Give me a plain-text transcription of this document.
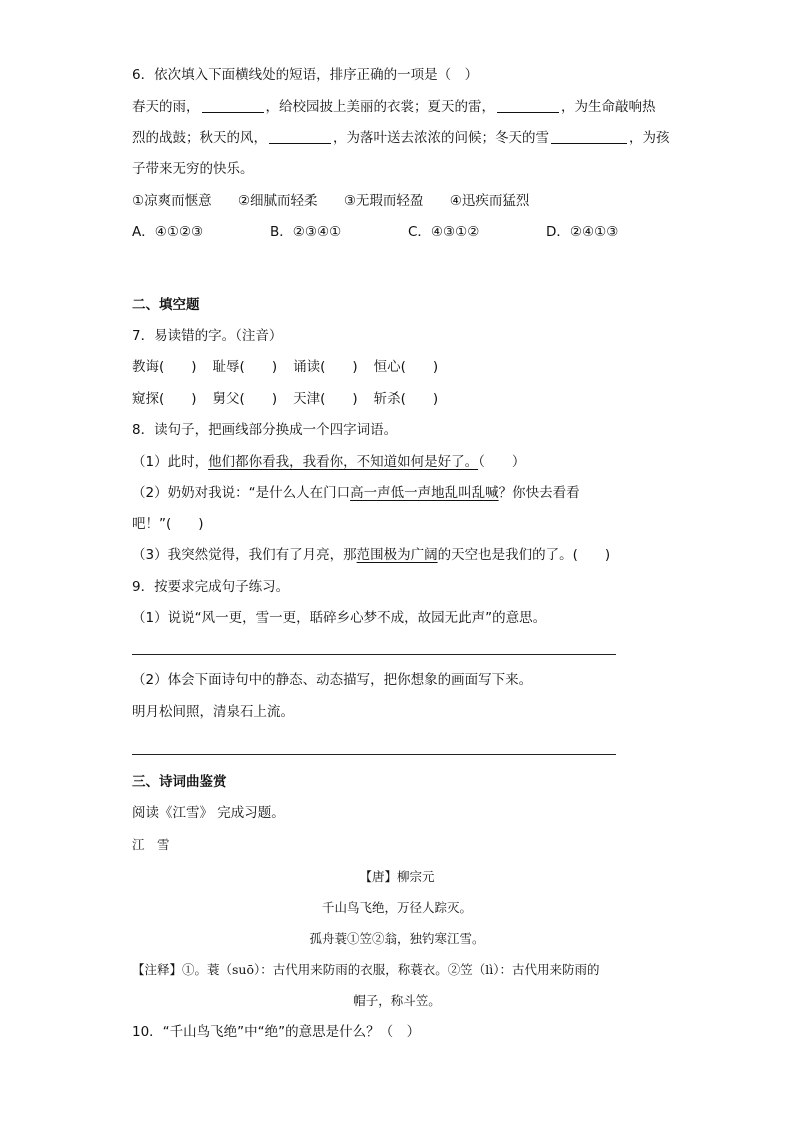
6．依次填入下面横线处的短语，排序正确的一项是（　）
春天的雨，	，给校园披上美丽的衣裳；夏天的雷，	，为生命敲响热
烈的战鼓；秋天的风，	，为落叶送去浓浓的问候；冬天的雪	，为孩
子带来无穷的快乐。
①凉爽而惬意 ②细腻而轻柔 ③无瑕而轻盈 ④迅疾而猛烈
A．④①②③	B．②③④①	C．④③①②	D．②④①③
二、填空题
7．易读错的字。（注音）
教诲(　　) 耻辱(　　) 诵读(　　) 恒心(　　)
窥探(　　) 舅父(　　) 天津(　　) 斩杀(　　)
8．读句子，把画线部分换成一个四字词语。
（1）此时，他们都你看我，我看你，不知道如何是好了。（　　）
（2）奶奶对我说：“是什么人在门口高一声低一声地乱叫乱喊？你快去看看
吧！”(　　)
（3）我突然觉得，我们有了月亮，那范围极为广阔的天空也是我们的了。(　　)
9．按要求完成句子练习。
（1）说说“风一更，雪一更，聒碎乡心梦不成，故园无此声”的意思。
（2）体会下面诗句中的静态、动态描写，把你想象的画面写下来。
明月松间照，清泉石上流。
三、诗词曲鉴赏
阅读《江雪》 完成习题。
江　雪
【唐】柳宗元
千山鸟飞绝，万径人踪灭。
孤舟蓑①笠②翁，独钓寒江雪。
【注释】①。蓑（suō）：古代用来防雨的衣服，称蓑衣。②笠（lì）：古代用来防雨的
帽子，称斗笠。
10．“千山鸟飞绝”中“绝”的意思是什么？（　）
